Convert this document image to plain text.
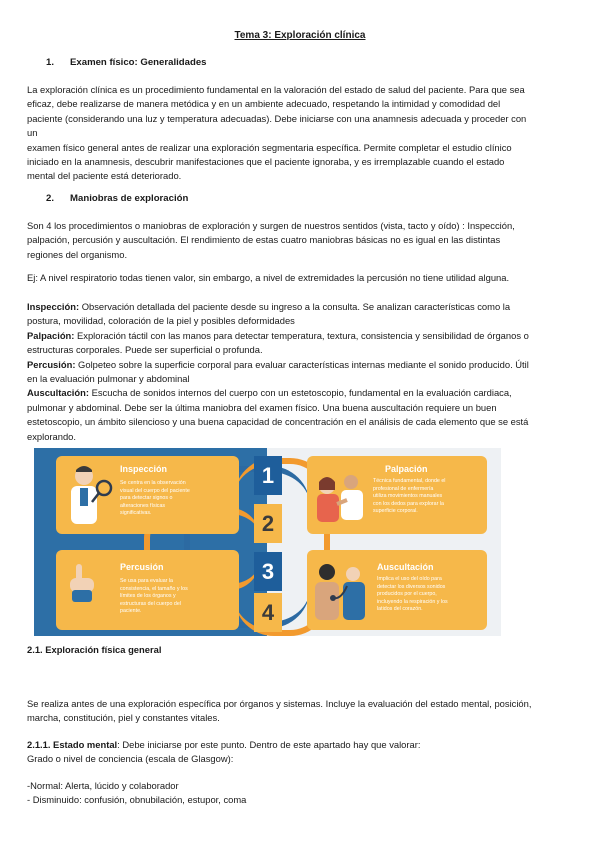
Tema 3: Exploración clínica
1. Examen físico: Generalidades

La exploración clínica es un procedimiento fundamental en la valoración del estado de salud del paciente. Para que sea

eficaz, debe realizarse de manera metódica y en un ambiente adecuado, respetando la intimidad y comodidad del

paciente (considerando una luz y temperatura adecuadas). Debe iniciarse con una anamnesis adecuada y proceder con

un

examen físico general antes de realizar una exploración segmentaria específica. Permite completar el estudio clínico

iniciado en la anamnesis, descubrir manifestaciones que el paciente ignoraba, y es irremplazable cuando el estado

mental del paciente está deteriorado.

2. Maniobras de exploración

Son 4 los procedimientos o maniobras de exploración y surgen de nuestros sentidos (vista, tacto y oído) : Inspección,

palpación, percusión y auscultación. El rendimiento de estas cuatro maniobras básicas no es igual en las distintas

regiones del organismo.

Ej: A nivel respiratorio todas tienen valor, sin embargo, a nivel de extremidades la percusión no tiene utilidad alguna.

Inspección: Observación detallada del paciente desde su ingreso a la consulta. Se analizan características como la

postura, movilidad, coloración de la piel y posibles deformidades

Palpación: Exploración táctil con las manos para detectar temperatura, textura, consistencia y sensibilidad de órganos o

estructuras corporales. Puede ser superficial o profunda.

Percusión: Golpeteo sobre la superficie corporal para evaluar características internas mediante el sonido producido. Útil

en la evaluación pulmonar y abdominal

Auscultación: Escucha de sonidos internos del cuerpo con un estetoscopio, fundamental en la evaluación cardiaca,

pulmonar y abdominal. Debe ser la última maniobra del examen físico. Una buena auscultación requiere un buen

estetoscopio, un ámbito silencioso y una buena capacidad de concentración en el análisis de cada elemento que se está

explorando.

Inspección

Se centra en la observación

visual del cuerpo del paciente

para detectar signos o

alteraciones físicas

significativas.

Palpación

Técnica fundamental, donde el

profesional de enfermería

utiliza movimientos manuales

con los dedos para explorar la

superficie corporal.

Percusión

Se usa para evaluar la

consistencia, el tamaño y los

límites de los órganos y

estructuras del cuerpo del

paciente.

Auscultación

Implica el uso del oído para

detectar los diversos sonidos

producidos por el cuerpo,

incluyendo la respiración y los

latidos del corazón.

1
2
3
4
2.1. Exploración física general

Se realiza antes de una exploración específica por órganos y sistemas. Incluye la evaluación del estado mental, posición,

marcha, constitución, piel y constantes vitales.

2.1.1. Estado mental: Debe iniciarse por este punto. Dentro de este apartado hay que valorar:

Grado o nivel de conciencia (escala de Glasgow):

-Normal: Alerta, lúcido y colaborador

- Disminuido: confusión, obnubilación, estupor, coma
